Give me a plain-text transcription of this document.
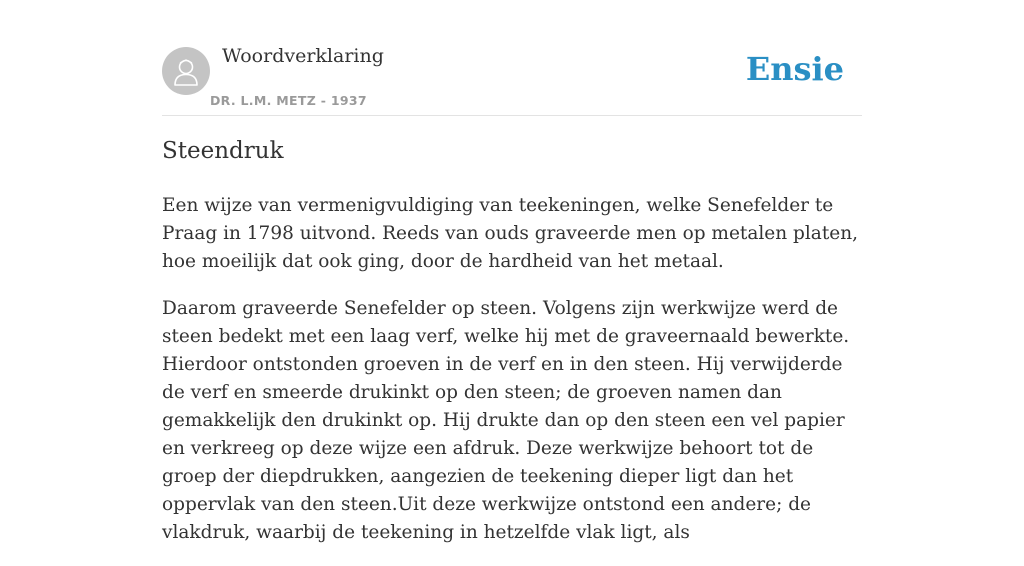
Woordverklaring
DR. L.M. METZ - 1937
Ensie
Steendruk

Een wijze van vermenigvuldiging van teekeningen, welke Senefelder te Praag in 1798 uitvond. Reeds van ouds graveerde men op metalen platen, hoe moeilijk dat ook ging, door de hardheid van het metaal.

Daarom graveerde Senefelder op steen. Volgens zijn werkwijze werd de steen bedekt met een laag verf, welke hij met de graveernaald bewerkte. Hierdoor ontstonden groeven in de verf en in den steen. Hij verwijderde de verf en smeerde drukinkt op den steen; de groeven namen dan gemakkelijk den drukinkt op. Hij drukte dan op den steen een vel papier en verkreeg op deze wijze een afdruk. Deze werkwijze behoort tot de groep der diepdrukken, aangezien de teekening dieper ligt dan het oppervlak van den steen.Uit deze werkwijze ontstond een andere; de vlakdruk, waarbij de teekening in hetzelfde vlak ligt, als
